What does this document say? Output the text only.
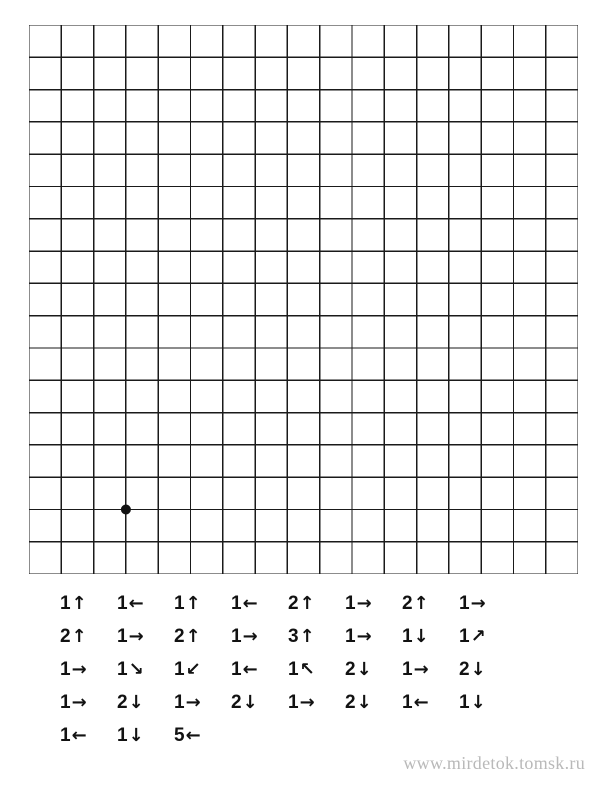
1↑	1←	1↑	1←	2↑	1→	2↑	1→
2↑	1→	2↑	1→	3↑	1→	1↓	1↗
1→	1↘	1↙	1←	1↖	2↓	1→	2↓
1→	2↓	1→	2↓	1→	2↓	1←	1↓
1←	1↓	5←
www.mirdetok.tomsk.ru
